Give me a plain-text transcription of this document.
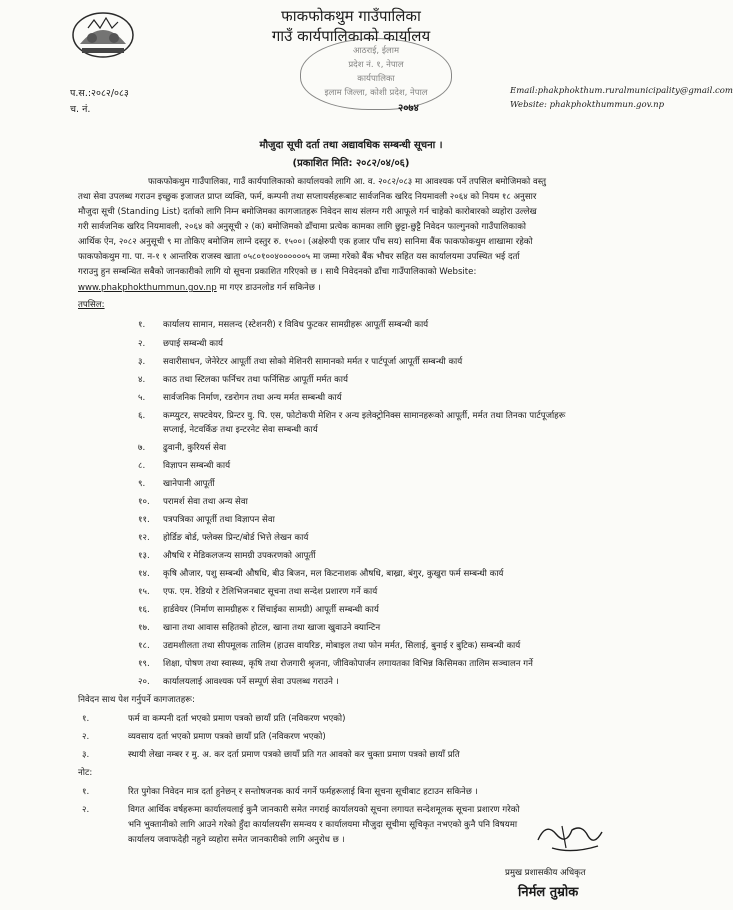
फाकफोकथुम गाउँपालिका
गाउँ कार्यपालिकाको कार्यालय
आठराई, ईलाम
प्रदेश नं. १, नेपाल
कार्यपालिका
इलाम जिल्ला, कोशी प्रदेश, नेपाल
२०७४
प.स.:२०८२/०८३
च. नं.
Email:phakphokthum.ruralmunicipality@gmail.com
Website: phakphokthummun.gov.np
मौजुदा सूची दर्ता तथा अद्यावधिक सम्बन्धी सूचना ।
(प्रकाशित मिति: २०८२/०४/०६)
फाकफोकथुम गाउँपालिका, गाउँ कार्यपालिकाको कार्यालयको लागि आ. व. २०८२/०८३ मा आवश्यक पर्ने तपसिल बमोजिमको वस्तु
तथा सेवा उपलब्ध गराउन इच्छुक इजाजत प्राप्त व्यक्ति, फर्म, कम्पनी तथा सप्लायर्सहरूबाट सार्वजनिक खरिद नियमावली २०६४ को नियम १८ अनुसार
मौजुदा सूची (Standing List) दर्ताको लागि निम्न बमोजिमका कागजातहरू निवेदन साथ संलग्न गरी आफूले गर्न चाहेको कारोबारको व्यहोरा उल्लेख
गरी सार्वजनिक खरिद नियमावली, २०६४ को अनुसूची २ (क) बमोजिमको ढाँचामा प्रत्येक कामका लागि छुट्टा-छुट्टै निवेदन फाल्गुनको गाउँपालिकाको
आर्थिक ऐन, २०८२ अनुसूची ९ मा तोकिए बमोजिम लाग्ने दस्तुर रु. १५००। (अक्षेरुपी एक हजार पाँच सय) सानिमा बैंक फाकफोकथुम शाखामा रहेको
फाकफोकथुम गा. पा. न-१ १ आन्तरिक राजस्व खाता ०५८०१००४००००००५ मा जम्मा गरेको बैंक भौचर सहित यस कार्यालयमा उपस्थित भई दर्ता
गराउनु हुन सम्बन्धित सबैको जानकारीको लागि यो सूचना प्रकाशित गरिएको छ । साथै निवेदनको ढाँचा गाउँपालिकाको Website:
www.phakphokthummun.gov.np मा गएर डाउनलोड गर्न सकिनेछ ।
तपसिल:
१. कार्यालय सामान, मसलन्द (स्टेशनरी) र विविध फुटकर सामग्रीहरू आपूर्ती सम्बन्धी कार्य
२. छपाई सम्बन्धी कार्य
३. सवारीसाधन, जेनेरेटर आपूर्ती तथा सोको मेशिनरी सामानको मर्मत र पार्टपूर्जा आपूर्ती सम्बन्धी कार्य
४. काठ तथा स्टिलका फर्निचर तथा फर्निसिङ आपूर्ती मर्मत कार्य
५. सार्वजनिक निर्माण, रङरोगन तथा अन्य मर्मत सम्बन्धी कार्य
६. कम्प्युटर, सफ्टवेयर, प्रिन्टर यु. पि. एस, फोटोकपी मेशिन र अन्य इलेक्ट्रोनिक्स सामानहरूको आपूर्ती, मर्मत तथा तिनका पार्टपूर्जाहरू
सप्लाई, नेटवर्किङ तथा इन्टरनेट सेवा सम्बन्धी कार्य
७. ढुवानी, कुरियर्स सेवा
८. विज्ञापन सम्बन्धी कार्य
९. खानेपानी आपूर्ती
१०. परामर्श सेवा तथा अन्य सेवा
११. पत्रपत्रिका आपूर्ती तथा विज्ञापन सेवा
१२. होर्डिङ बोर्ड, फ्लेक्स प्रिन्ट/बोर्ड भित्ते लेखन कार्य
१३. औषधि र मेडिकलजन्य सामग्री उपकरणको आपूर्ती
१४. कृषि औजार, पशु सम्बन्धी औषधि, बीउ बिजन, मल किटनाशक औषधि, बाख्रा, बंगुर, कुखुरा फर्म सम्बन्धी कार्य
१५. एफ. एम. रेडियो र टेलिभिजनबाट सूचना तथा सन्देश प्रशारण गर्ने कार्य
१६. हार्डवेयर (निर्माण सामग्रीहरू र सिंचाईका सामग्री) आपूर्ती सम्बन्धी कार्य
१७. खाना तथा आवास सहितको होटल, खाना तथा खाजा खुवाउने क्यान्टिन
१८. उद्यमशीलता तथा सीपमूलक तालिम (हाउस वायरिङ, मोबाइल तथा फोन मर्मत, सिलाई, बुनाई र बुटिक) सम्बन्धी कार्य
१९. शिक्षा, पोषण तथा स्वास्थ्य, कृषि तथा रोजगारी श्रृजना, जीविकोपार्जन लगायतका विभिन्न किसिमका तालिम सञ्चालन गर्ने
२०. कार्यालयलाई आवश्यक पर्ने सम्पूर्ण सेवा उपलब्ध गराउने ।
निवेदन साथ पेश गर्नुपर्ने कागजातहरू:
१.	फर्म वा कम्पनी दर्ता भएको प्रमाण पत्रको छायाँ प्रति (नविकरण भएको)
२.	व्यवसाय दर्ता भएको प्रमाण पत्रको छायाँ प्रति (नविकरण भएको)
३.	स्थायी लेखा नम्बर र मु. अ. कर दर्ता प्रमाण पत्रको छायाँ प्रति गत आवको कर चुक्ता प्रमाण पत्रको छायाँ प्रति
नोट:
१.	रित पुगेका निवेदन मात्र दर्ता हुनेछन् र सन्तोषजनक कार्य नगर्ने फर्महरूलाई बिना सूचना सूचीबाट हटाउन सकिनेछ ।
२.	विगत आर्थिक वर्षहरूमा कार्यालयलाई कुनै जानकारी समेत नगराई कार्यालयको सूचना लगायत सन्देशमूलक सूचना प्रशारण गरेको
भनि भुक्तानीको लागि आउने गरेको हुँदा कार्यालयसँग समन्वय र कार्यालयमा मौजुदा सूचीमा सूचिकृत नभएको कुनै पनि विषयमा
कार्यालय जवाफदेही नहुने व्यहोरा समेत जानकारीको लागि अनुरोध छ ।
प्रमुख प्रशासकीय अधिकृत
निर्मल तुम्रोक
